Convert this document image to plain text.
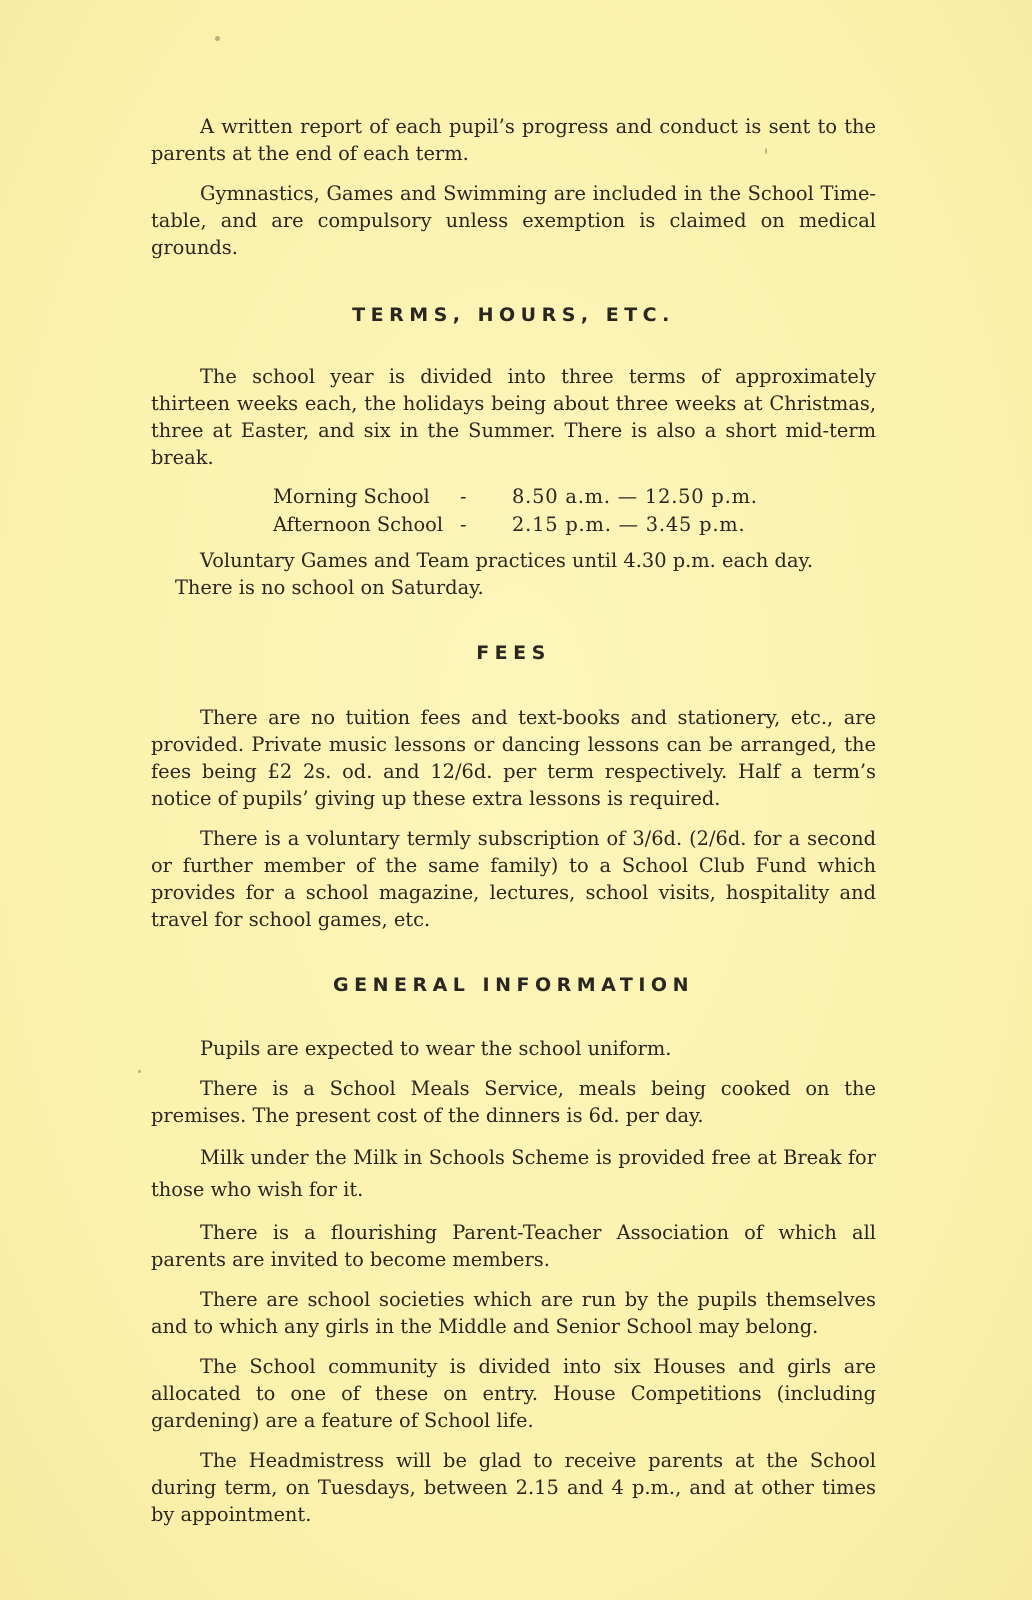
A written report of each pupil’s progress and conduct is sent to the parents at the end of each term.

Gymnastics, Games and Swimming are included in the School Time-table, and are compulsory unless exemption is claimed on medical grounds.

TERMS, HOURS, ETC.

The school year is divided into three terms of approximately thirteen weeks each, the holidays being about three weeks at Christmas, three at Easter, and six in the Summer. There is also a short mid-term break.

Morning School	-	8.50 a.m. — 12.50 p.m.
Afternoon School -	2.15 p.m. — 3.45 p.m.

Voluntary Games and Team practices until 4.30 p.m. each day.

There is no school on Saturday.

FEES

There are no tuition fees and text-books and stationery, etc., are provided. Private music lessons or dancing lessons can be arranged, the fees being £2 2s. od. and 12/6d. per term respectively. Half a term’s notice of pupils’ giving up these extra lessons is required.

There is a voluntary termly subscription of 3/6d. (2/6d. for a second or further member of the same family) to a School Club Fund which provides for a school magazine, lectures, school visits, hospitality and travel for school games, etc.

GENERAL INFORMATION

Pupils are expected to wear the school uniform.

There is a School Meals Service, meals being cooked on the premises. The present cost of the dinners is 6d. per day.

Milk under the Milk in Schools Scheme is provided free at Break for those who wish for it.

There is a flourishing Parent-Teacher Association of which all parents are invited to become members.

There are school societies which are run by the pupils themselves and to which any girls in the Middle and Senior School may belong.

The School community is divided into six Houses and girls are allocated to one of these on entry. House Competitions (including gardening) are a feature of School life.

The Headmistress will be glad to receive parents at the School during term, on Tuesdays, between 2.15 and 4 p.m., and at other times by appointment.
